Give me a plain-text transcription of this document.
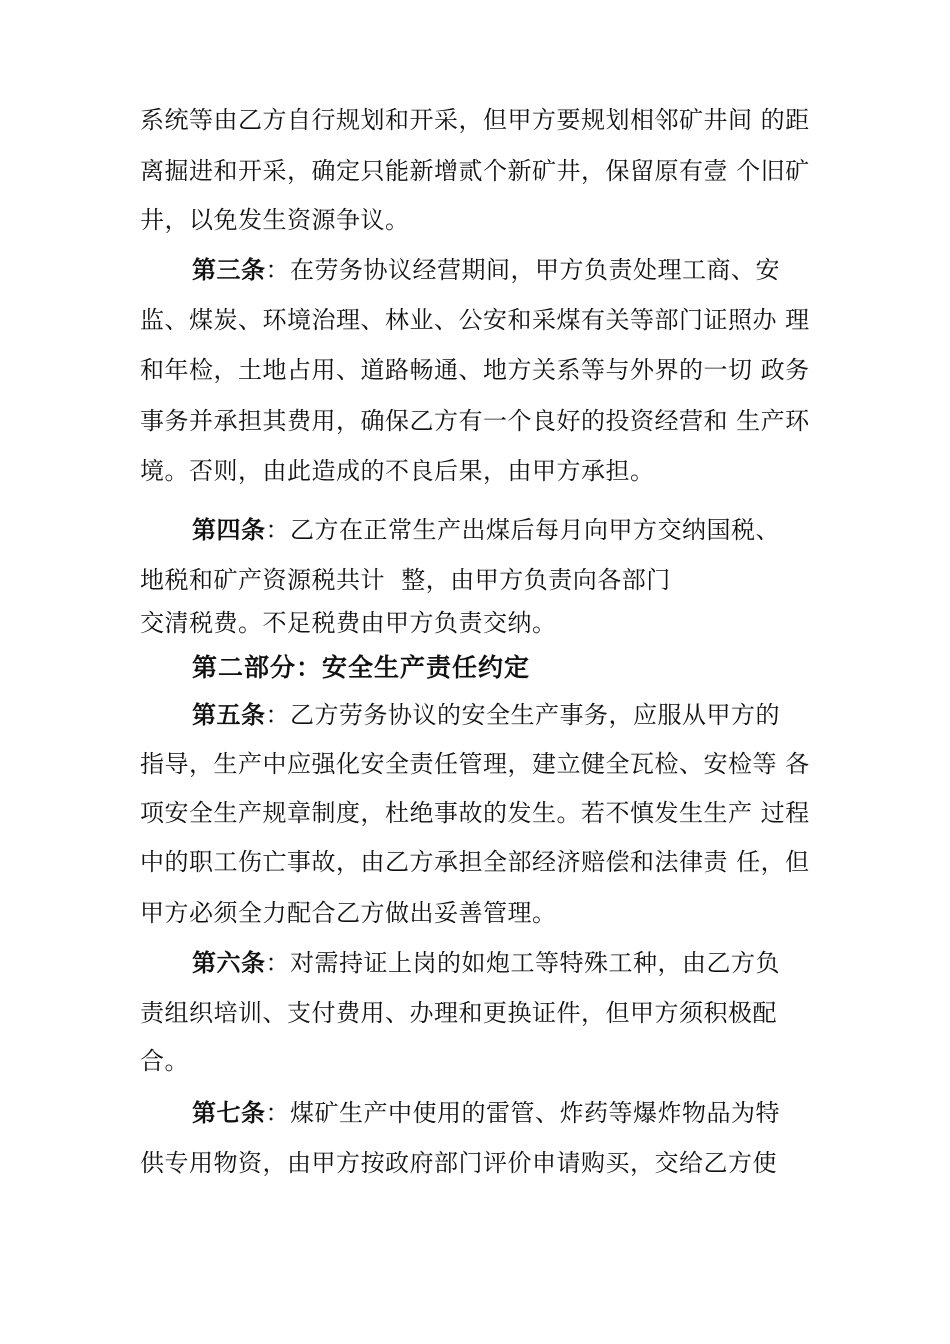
系统等由乙方自行规划和开采，但甲方要规划相邻矿井间 的距
离掘进和开采，确定只能新增贰个新矿井，保留原有壹 个旧矿
井，以免发生资源争议。
第三条：在劳务协议经营期间，甲方负责处理工商、安
监、煤炭、环境治理、林业、公安和采煤有关等部门证照办 理
和年检，土地占用、道路畅通、地方关系等与外界的一切 政务
事务并承担其费用，确保乙方有一个良好的投资经营和 生产环
境。否则，由此造成的不良后果，由甲方承担。
第四条：乙方在正常生产出煤后每月向甲方交纳国税、
地税和矿产资源税共计  整，由甲方负责向各部门
交清税费。不足税费由甲方负责交纳。
第二部分：安全生产责任约定
第五条：乙方劳务协议的安全生产事务，应服从甲方的
指导，生产中应强化安全责任管理，建立健全瓦检、安检等 各
项安全生产规章制度，杜绝事故的发生。若不慎发生生产 过程
中的职工伤亡事故，由乙方承担全部经济赔偿和法律责 任，但
甲方必须全力配合乙方做出妥善管理。
第六条：对需持证上岗的如炮工等特殊工种，由乙方负
责组织培训、支付费用、办理和更换证件，但甲方须积极配
合。
第七条：煤矿生产中使用的雷管、炸药等爆炸物品为特
供专用物资，由甲方按政府部门评价申请购买，交给乙方使
